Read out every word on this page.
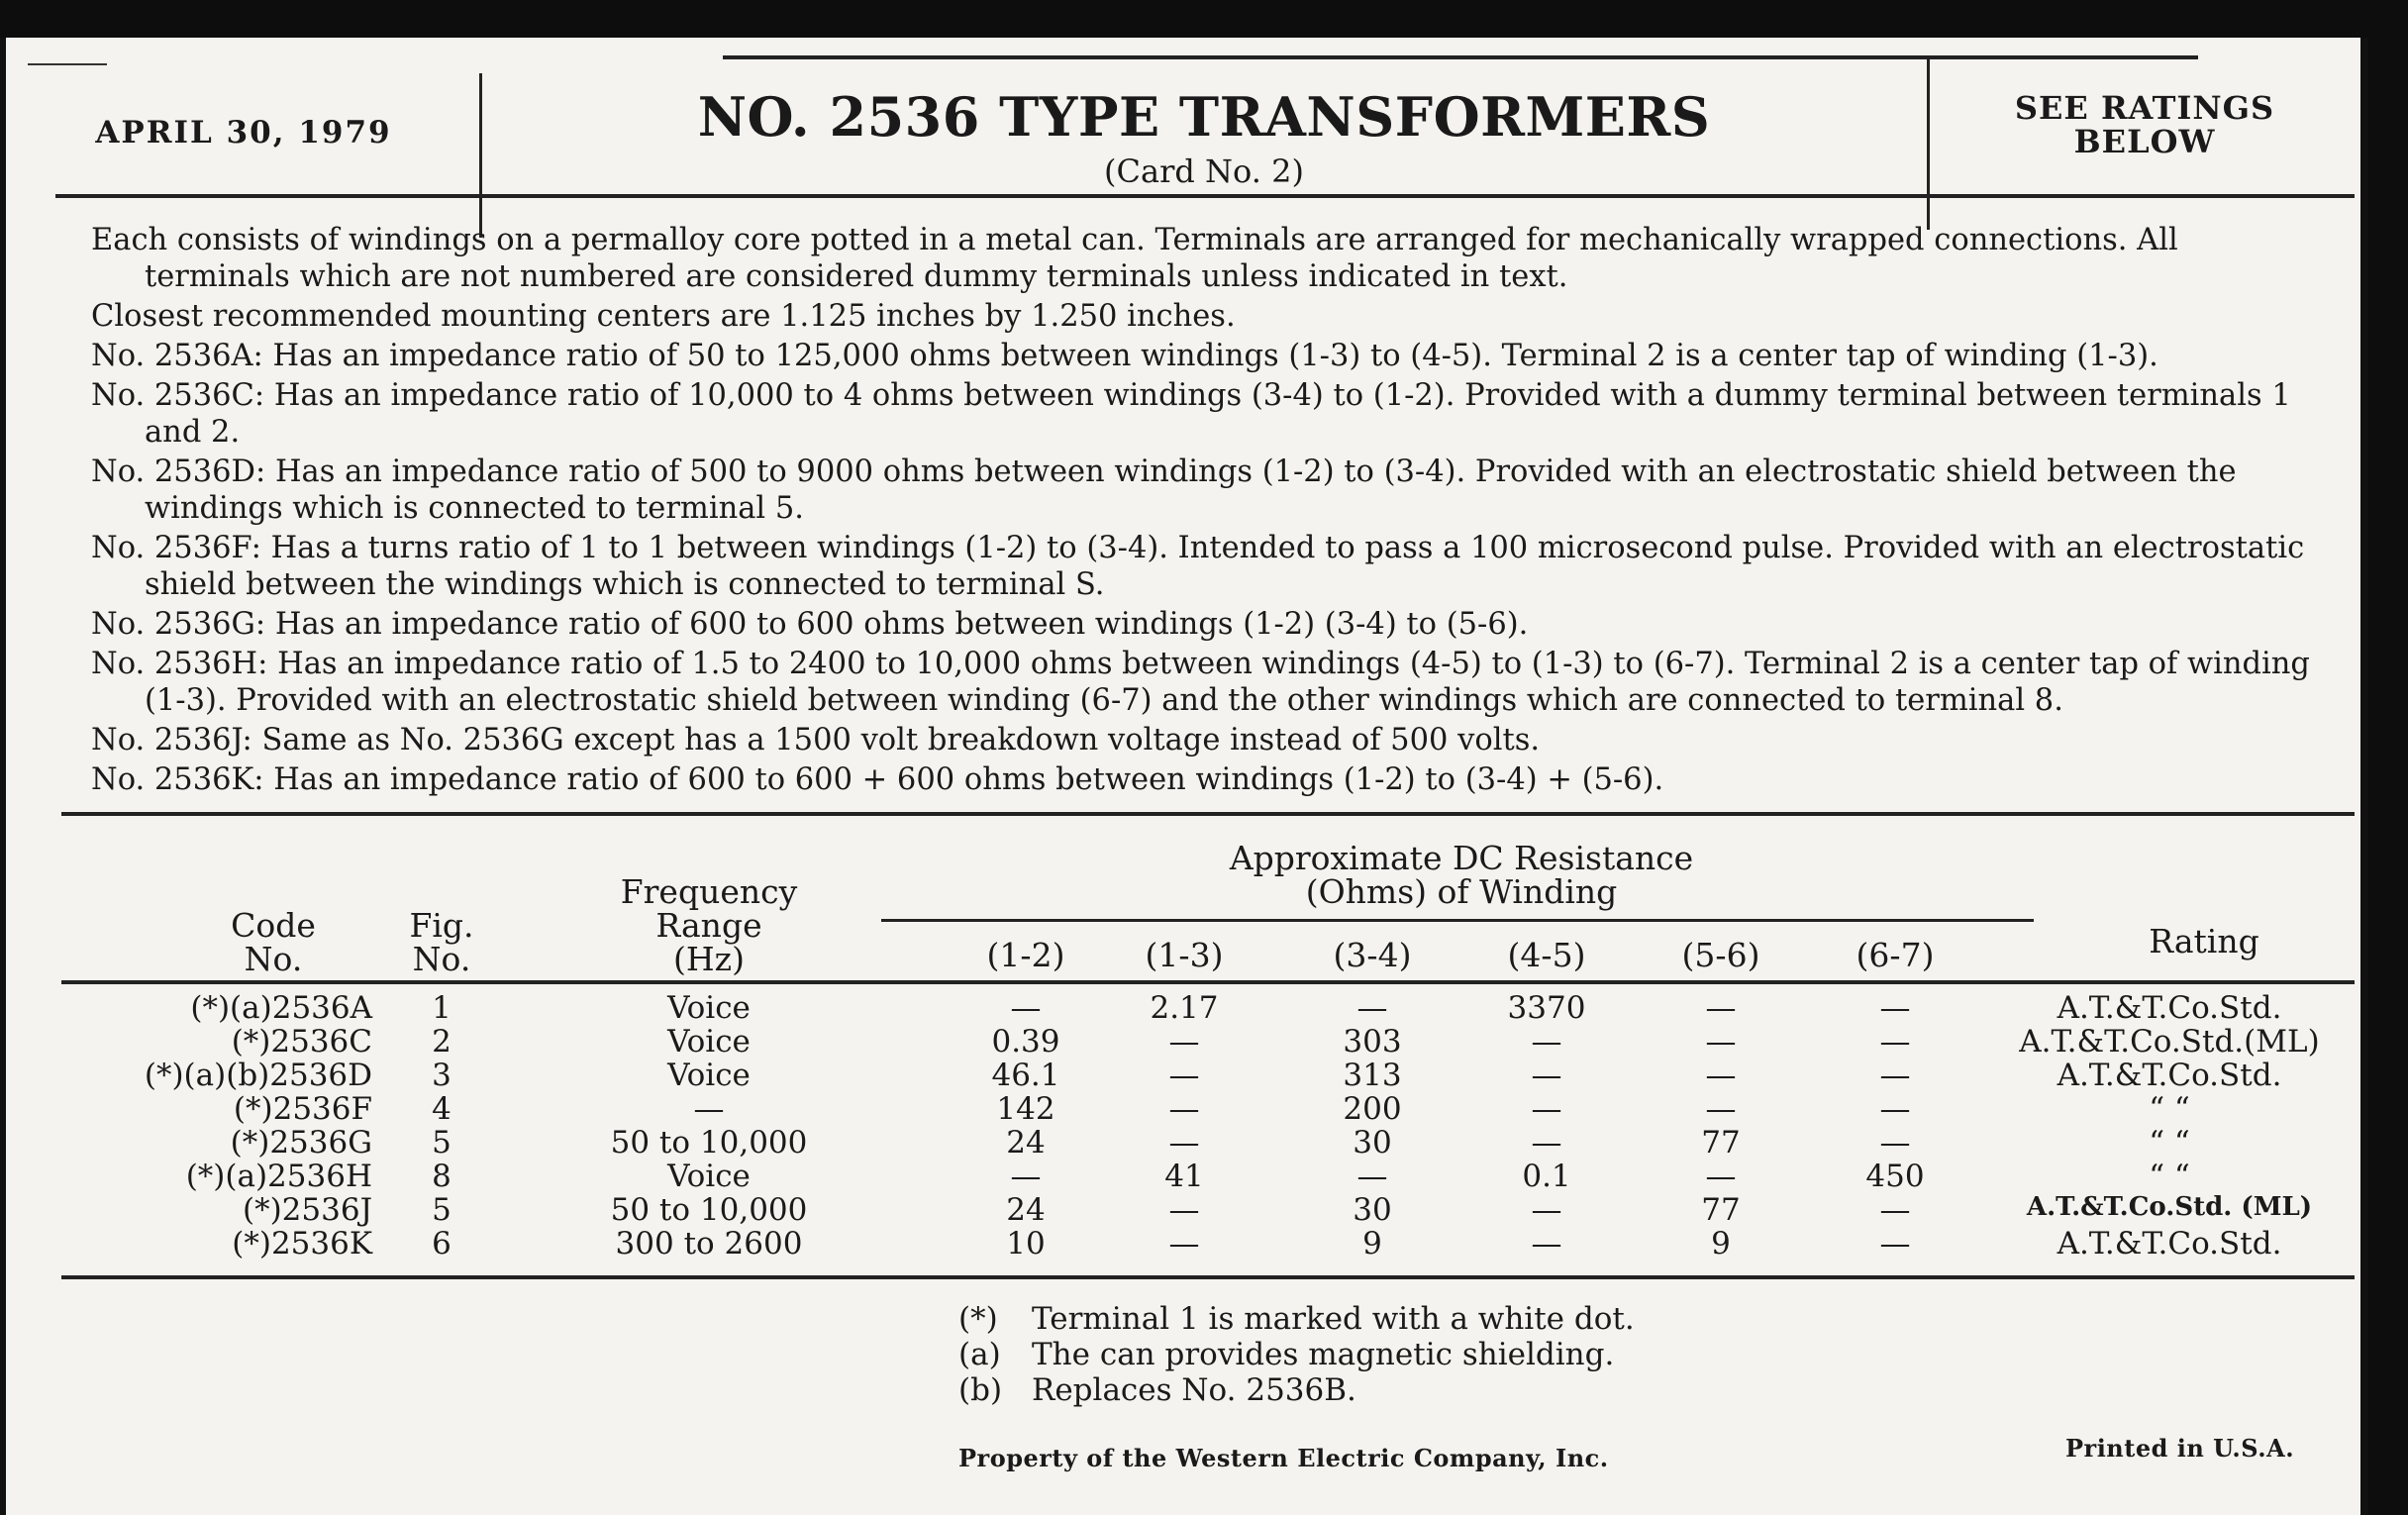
APRIL 30, 1979	NO. 2536 TYPE TRANSFORMERS
(Card No. 2)
SEE RATINGS
BELOW
Each consists of windings on a permalloy core potted in a metal can. Terminals are arranged for mechanically wrapped connections. All terminals which are not numbered are considered dummy terminals unless indicated in text.
Closest recommended mounting centers are 1.125 inches by 1.250 inches.
No. 2536A: Has an impedance ratio of 50 to 125,000 ohms between windings (1-3) to (4-5). Terminal 2 is a center tap of winding (1-3).
No. 2536C: Has an impedance ratio of 10,000 to 4 ohms between windings (3-4) to (1-2). Provided with a dummy terminal between terminals 1 and 2.
No. 2536D: Has an impedance ratio of 500 to 9000 ohms between windings (1-2) to (3-4). Provided with an electrostatic shield between the windings which is connected to terminal 5.
No. 2536F: Has a turns ratio of 1 to 1 between windings (1-2) to (3-4). Intended to pass a 100 microsecond pulse. Provided with an electrostatic shield between the windings which is connected to terminal S.
No. 2536G: Has an impedance ratio of 600 to 600 ohms between windings (1-2) (3-4) to (5-6).
No. 2536H: Has an impedance ratio of 1.5 to 2400 to 10,000 ohms between windings (4-5) to (1-3) to (6-7). Terminal 2 is a center tap of winding (1-3). Provided with an electrostatic shield between winding (6-7) and the other windings which are connected to terminal 8.
No. 2536J: Same as No. 2536G except has a 1500 volt breakdown voltage instead of 500 volts.
No. 2536K: Has an impedance ratio of 600 to 600 + 600 ohms between windings (1-2) to (3-4) + (5-6).
Code
No.
Fig.
No.
Frequency
Range
(Hz)
Approximate DC Resistance
(Ohms) of Winding
(1-2)	(1-3)	(3-4)	(4-5)	(5-6)	(6-7)	Rating
(*)(a)2536A	1	Voice	—	2.17	—	3370	—	—	A.T.&T.Co.Std.
(*)2536C	2	Voice	0.39	—	303	—	—	—	A.T.&T.Co.Std.(ML)
(*)(a)(b)2536D	3	Voice	46.1	—	313	—	—	—	A.T.&T.Co.Std.
(*)2536F	4	—	142	—	200	—	—	—	“ “
(*)2536G	5	50 to 10,000	24	—	30	—	77	—	“ “
(*)(a)2536H	8	Voice	—	41	—	0.1	—	450	“ “
(*)2536J	5	50 to 10,000	24	—	30	—	77	—	A.T.&T.Co.Std. (ML)
(*)2536K	6	300 to 2600	10	—	9	—	9	—	A.T.&T.Co.Std.
(*) Terminal 1 is marked with a white dot.
(a) The can provides magnetic shielding.
(b) Replaces No. 2536B.
Property of the Western Electric Company, Inc.	Printed in U.S.A.
